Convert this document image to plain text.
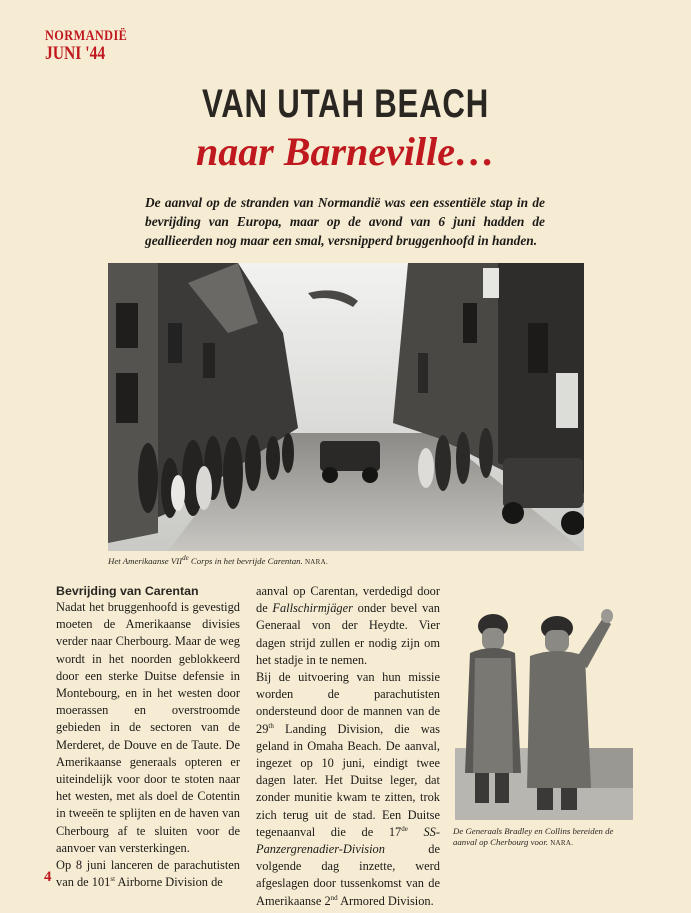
NORMANDIË
JUNI '44
VAN UTAH BEACH
naar Barneville…

De aanval op de stranden van Normandië was een essentiële stap in de bevrijding van Europa, maar op de avond van 6 juni hadden de geallieerden nog maar een smal, versnipperd bruggenhoofd in handen.

Het Amerikaanse VIIde Corps in het bevrijde Carentan. NARA.
Bevrijding van Carentan

Nadat het bruggenhoofd is gevestigd moeten de Amerikaanse divisies verder naar Cherbourg. Maar de weg wordt in het noorden geblokkeerd door een sterke Duitse defensie in Montebourg, en in het westen door moerassen en overstroomde gebieden in de sectoren van de Merderet, de Douve en de Taute. De Amerikaanse generaals opteren er uiteindelijk voor door te stoten naar het westen, met als doel de Cotentin in tweeën te splijten en de haven van Cherbourg af te sluiten voor de aanvoer van versterkingen.

Op 8 juni lanceren de parachutisten van de 101st Airborne Division de

aanval op Carentan, verdedigd door de Fallschirmjäger onder bevel van Generaal von der Heydte. Vier dagen strijd zullen er nodig zijn om het stadje in te nemen.

Bij de uitvoering van hun missie worden de parachutisten ondersteund door de mannen van de 29th Landing Division, die was geland in Omaha Beach. De aanval, ingezet op 10 juni, eindigt twee dagen later. Het Duitse leger, dat zonder munitie kwam te zitten, trok zich terug uit de stad. Een Duitse tegenaanval die de 17de SS-Panzergrenadier-Division de volgende dag inzette, werd afgeslagen door tussenkomst van de Amerikaanse 2nd Armored Division.

De Generaals Bradley en Collins bereiden de aanval op Cherbourg voor. NARA.
4
